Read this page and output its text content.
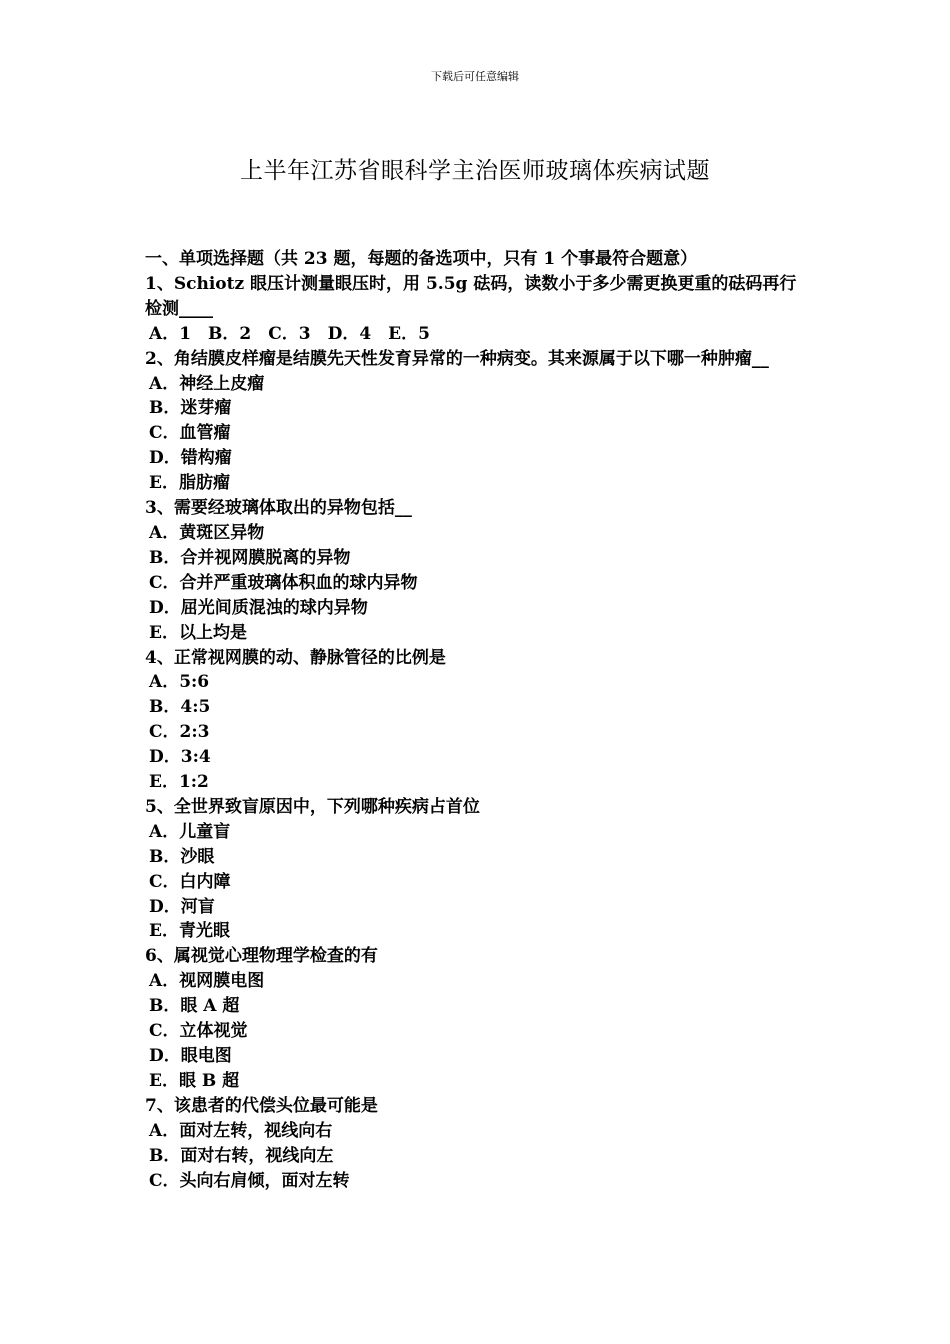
下载后可任意编辑
上半年江苏省眼科学主治医师玻璃体疾病试题
一、单项选择题（共 23 题，每题的备选项中，只有 1 个事最符合题意）
1、Schiotz 眼压计测量眼压时，用 5.5g 砝码，读数小于多少需更换更重的砝码再行检测____
A．1　B．2　C．3　D．4　E．5
2、角结膜皮样瘤是结膜先天性发育异常的一种病变。其来源属于以下哪一种肿瘤__
A．神经上皮瘤
B．迷芽瘤
C．血管瘤
D．错构瘤
E．脂肪瘤
3、需要经玻璃体取出的异物包括__
A．黄斑区异物
B．合并视网膜脱离的异物
C．合并严重玻璃体积血的球内异物
D．屈光间质混浊的球内异物
E．以上均是
4、正常视网膜的动、静脉管径的比例是
A．5:6
B．4:5
C．2:3
D．3:4
E．1:2
5、全世界致盲原因中，下列哪种疾病占首位
A．儿童盲
B．沙眼
C．白内障
D．河盲
E．青光眼
6、属视觉心理物理学检查的有
A．视网膜电图
B．眼 A 超
C．立体视觉
D．眼电图
E．眼 B 超
7、该患者的代偿头位最可能是
A．面对左转，视线向右
B．面对右转，视线向左
C．头向右肩倾，面对左转
